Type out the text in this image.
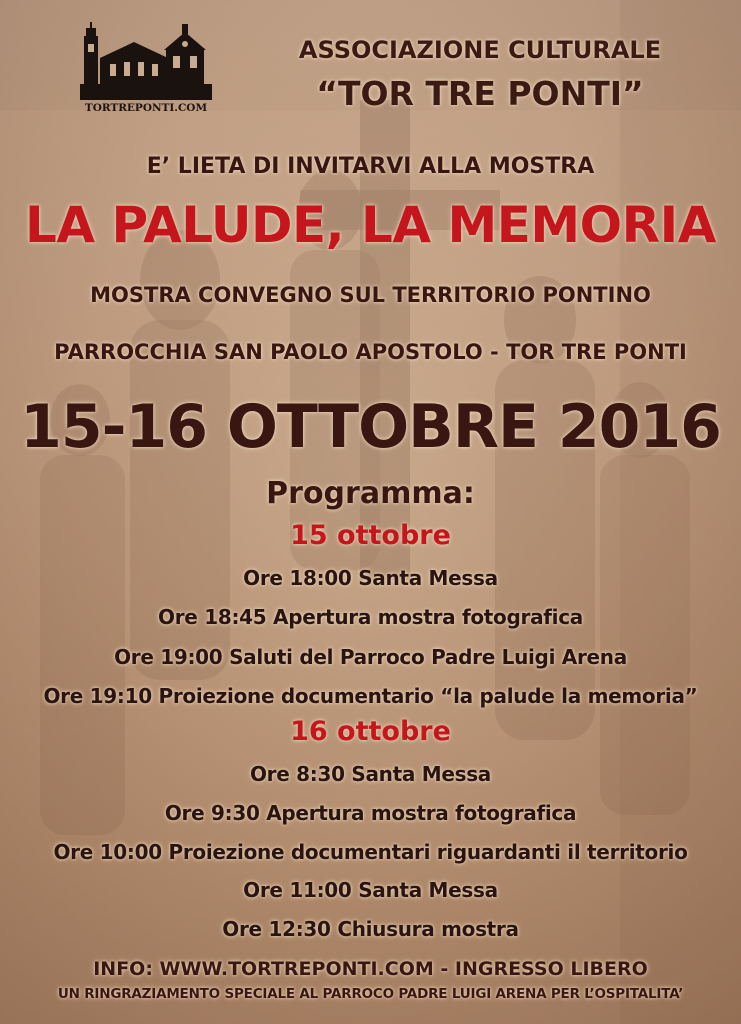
TORTREPONTI.COM
ASSOCIAZIONE CULTURALE
“TOR TRE PONTI”
E’ LIETA DI INVITARVI ALLA MOSTRA
LA PALUDE, LA MEMORIA
MOSTRA CONVEGNO SUL TERRITORIO PONTINO
PARROCCHIA SAN PAOLO APOSTOLO - TOR TRE PONTI
15-16 OTTOBRE 2016
Programma:
15 ottobre
Ore 18:00 Santa Messa
Ore 18:45 Apertura mostra fotografica
Ore 19:00 Saluti del Parroco Padre Luigi Arena
Ore 19:10 Proiezione documentario “la palude la memoria”
16 ottobre
Ore 8:30 Santa Messa
Ore 9:30 Apertura mostra fotografica
Ore 10:00 Proiezione documentari riguardanti il territorio
Ore 11:00 Santa Messa
Ore 12:30 Chiusura mostra
INFO: WWW.TORTREPONTI.COM - INGRESSO LIBERO
UN RINGRAZIAMENTO SPECIALE AL PARROCO PADRE LUIGI ARENA PER L’OSPITALITA’
